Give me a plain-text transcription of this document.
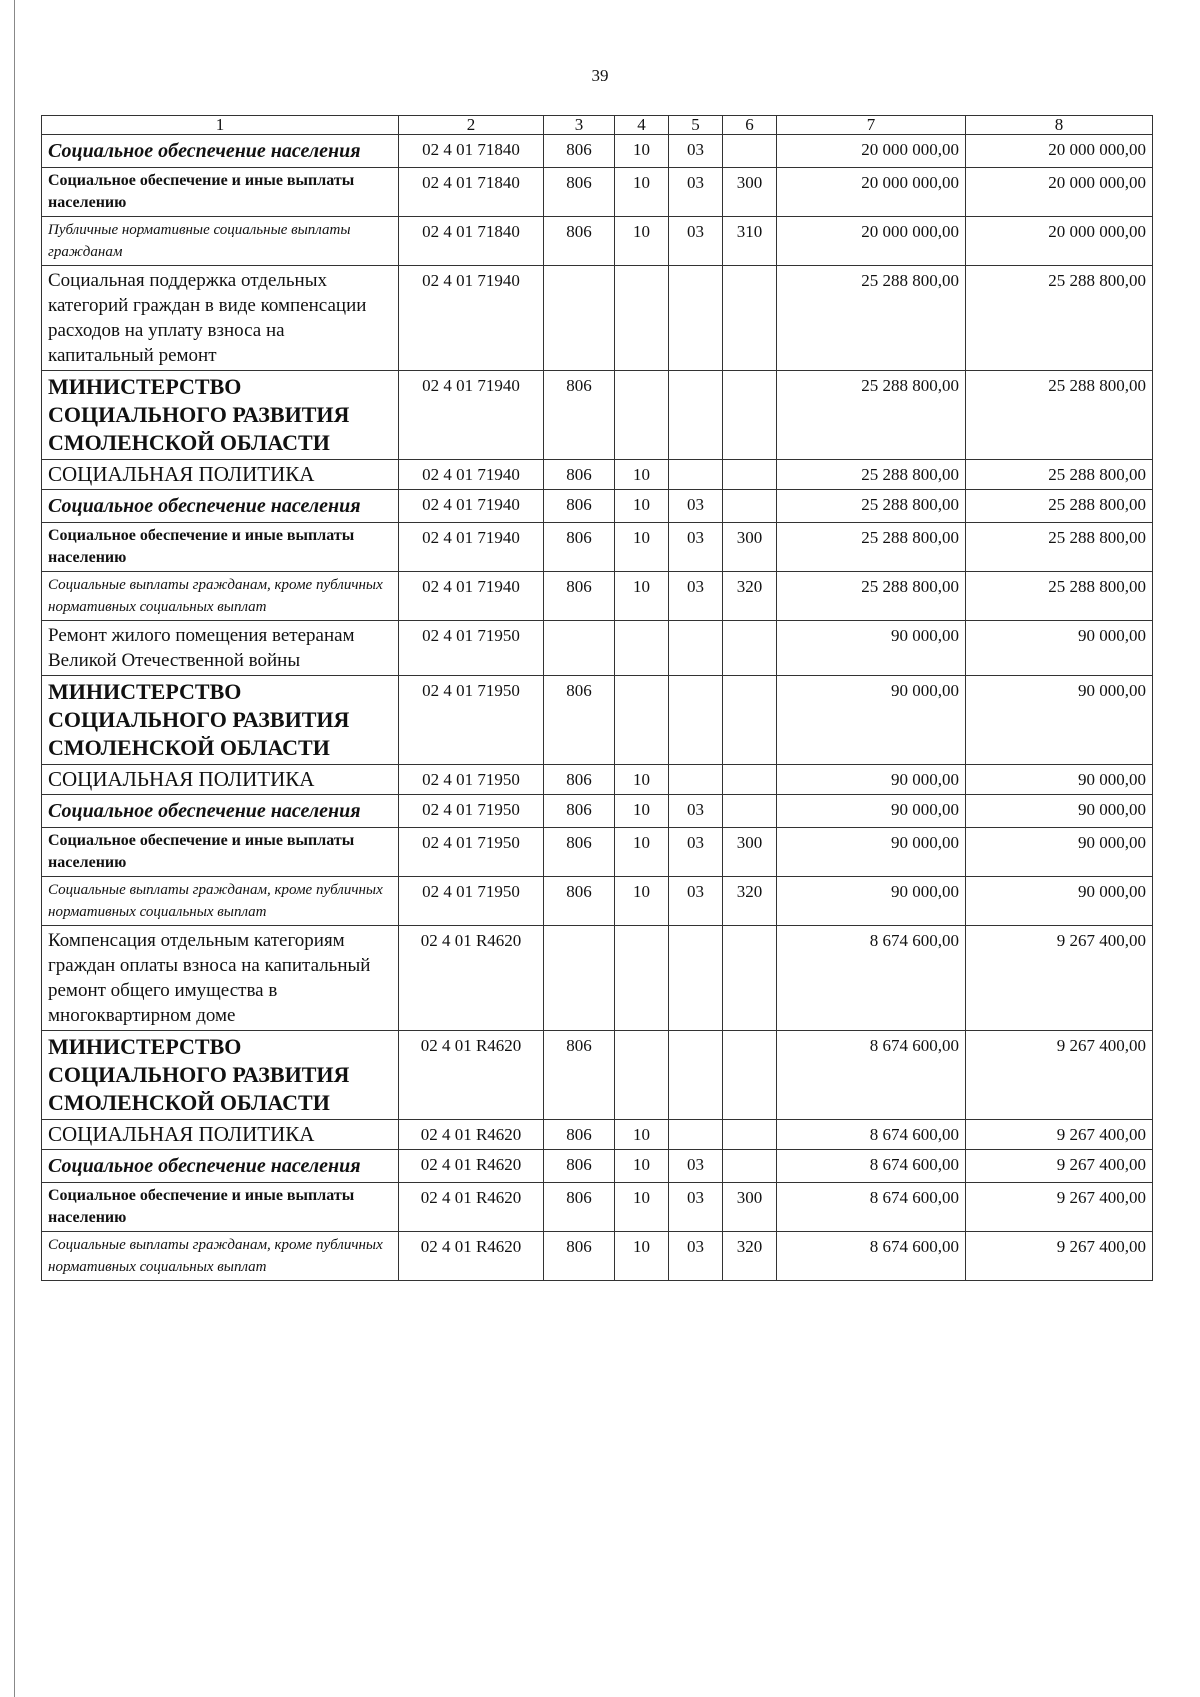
39
1	2	3	4	5	6	7	8
Социальное обеспечение населения	02 4 01 71840	806	10	03		20 000 000,00	20 000 000,00
Социальное обеспечение и иные выплаты населению	02 4 01 71840	806	10	03	300	20 000 000,00	20 000 000,00
Публичные нормативные социальные выплаты гражданам	02 4 01 71840	806	10	03	310	20 000 000,00	20 000 000,00
Социальная поддержка отдельных категорий граждан в виде компенсации расходов на уплату взноса на капитальный ремонт	02 4 01 71940					25 288 800,00	25 288 800,00
МИНИСТЕРСТВО СОЦИАЛЬНОГО РАЗВИТИЯ СМОЛЕНСКОЙ ОБЛАСТИ	02 4 01 71940	806				25 288 800,00	25 288 800,00
СОЦИАЛЬНАЯ ПОЛИТИКА	02 4 01 71940	806	10			25 288 800,00	25 288 800,00
Социальное обеспечение населения	02 4 01 71940	806	10	03		25 288 800,00	25 288 800,00
Социальное обеспечение и иные выплаты населению	02 4 01 71940	806	10	03	300	25 288 800,00	25 288 800,00
Социальные выплаты гражданам, кроме публичных нормативных социальных выплат	02 4 01 71940	806	10	03	320	25 288 800,00	25 288 800,00
Ремонт жилого помещения ветеранам Великой Отечественной войны	02 4 01 71950					90 000,00	90 000,00
МИНИСТЕРСТВО СОЦИАЛЬНОГО РАЗВИТИЯ СМОЛЕНСКОЙ ОБЛАСТИ	02 4 01 71950	806				90 000,00	90 000,00
СОЦИАЛЬНАЯ ПОЛИТИКА	02 4 01 71950	806	10			90 000,00	90 000,00
Социальное обеспечение населения	02 4 01 71950	806	10	03		90 000,00	90 000,00
Социальное обеспечение и иные выплаты населению	02 4 01 71950	806	10	03	300	90 000,00	90 000,00
Социальные выплаты гражданам, кроме публичных нормативных социальных выплат	02 4 01 71950	806	10	03	320	90 000,00	90 000,00
Компенсация отдельным категориям граждан оплаты взноса на капитальный ремонт общего имущества в многоквартирном доме	02 4 01 R4620					8 674 600,00	9 267 400,00
МИНИСТЕРСТВО СОЦИАЛЬНОГО РАЗВИТИЯ СМОЛЕНСКОЙ ОБЛАСТИ	02 4 01 R4620	806				8 674 600,00	9 267 400,00
СОЦИАЛЬНАЯ ПОЛИТИКА	02 4 01 R4620	806	10			8 674 600,00	9 267 400,00
Социальное обеспечение населения	02 4 01 R4620	806	10	03		8 674 600,00	9 267 400,00
Социальное обеспечение и иные выплаты населению	02 4 01 R4620	806	10	03	300	8 674 600,00	9 267 400,00
Социальные выплаты гражданам, кроме публичных нормативных социальных выплат	02 4 01 R4620	806	10	03	320	8 674 600,00	9 267 400,00
